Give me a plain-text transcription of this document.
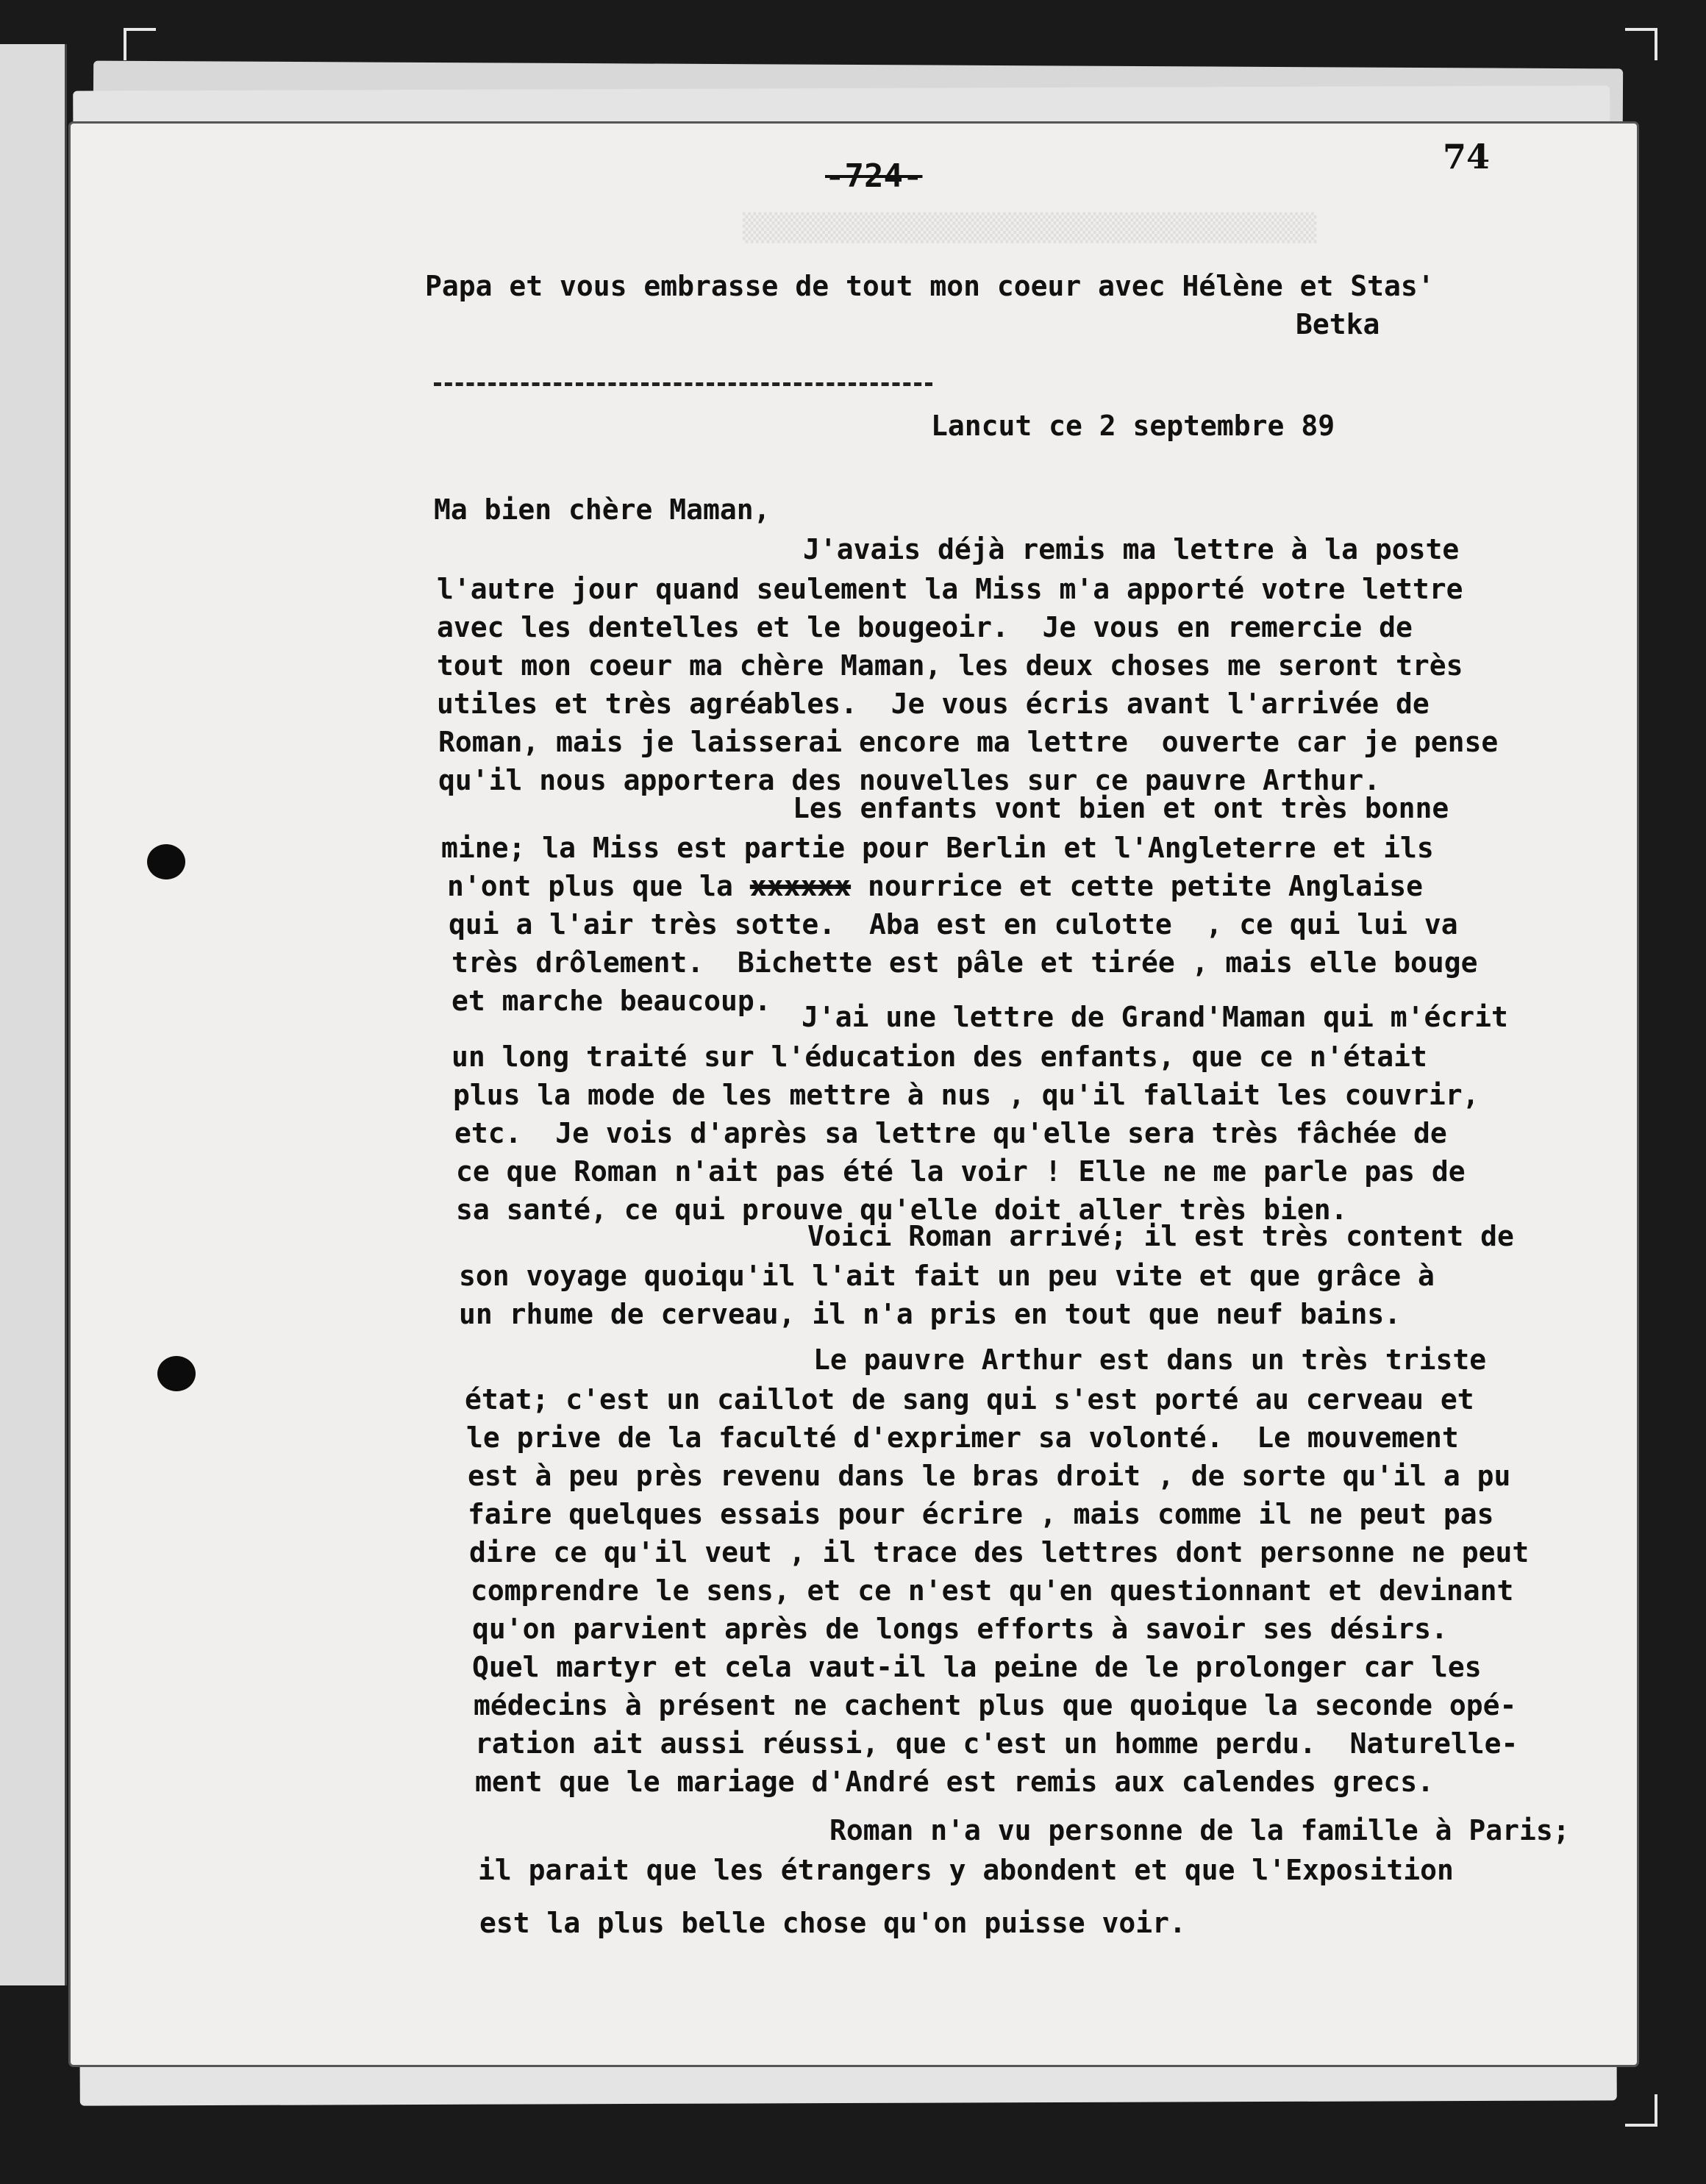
▒▒▒▒▒▒▒▒▒▒▒▒▒▒▒▒▒▒▒▒▒▒▒▒▒▒▒▒▒▒▒▒▒▒▒▒
-724-	74
Papa et vous embrasse de tout mon coeur avec Hélène et Stas'
Betka
Lancut ce 2 septembre 89
Ma bien chère Maman,
J'avais déjà remis ma lettre à la poste
l'autre jour quand seulement la Miss m'a apporté votre lettre
avec les dentelles et le bougeoir.  Je vous en remercie de
tout mon coeur ma chère Maman, les deux choses me seront très
utiles et très agréables.  Je vous écris avant l'arrivée de
Roman, mais je laisserai encore ma lettre  ouverte car je pense
qu'il nous apportera des nouvelles sur ce pauvre Arthur.
Les enfants vont bien et ont très bonne
mine; la Miss est partie pour Berlin et l'Angleterre et ils
n'ont plus que la xxxxxx nourrice et cette petite Anglaise
qui a l'air très sotte.  Aba est en culotte  , ce qui lui va
très drôlement.  Bichette est pâle et tirée , mais elle bouge
et marche beaucoup. J'ai une lettre de Grand'Maman qui m'écrit
un long traité sur l'éducation des enfants, que ce n'était
plus la mode de les mettre à nus , qu'il fallait les couvrir,
etc.  Je vois d'après sa lettre qu'elle sera très fâchée de
ce que Roman n'ait pas été la voir ! Elle ne me parle pas de
sa santé, ce qui prouve qu'elle doit aller très bien.
Voici Roman arrivé; il est très content de
son voyage quoiqu'il l'ait fait un peu vite et que grâce à
un rhume de cerveau, il n'a pris en tout que neuf bains.
Le pauvre Arthur est dans un très triste
état; c'est un caillot de sang qui s'est porté au cerveau et
le prive de la faculté d'exprimer sa volonté.  Le mouvement
est à peu près revenu dans le bras droit , de sorte qu'il a pu
faire quelques essais pour écrire , mais comme il ne peut pas
dire ce qu'il veut , il trace des lettres dont personne ne peut
comprendre le sens, et ce n'est qu'en questionnant et devinant
qu'on parvient après de longs efforts à savoir ses désirs.
Quel martyr et cela vaut-il la peine de le prolonger car les
médecins à présent ne cachent plus que quoique la seconde opé-
ration ait aussi réussi, que c'est un homme perdu.  Naturelle-
ment que le mariage d'André est remis aux calendes grecs.
Roman n'a vu personne de la famille à Paris;
il parait que les étrangers y abondent et que l'Exposition
est la plus belle chose qu'on puisse voir.
